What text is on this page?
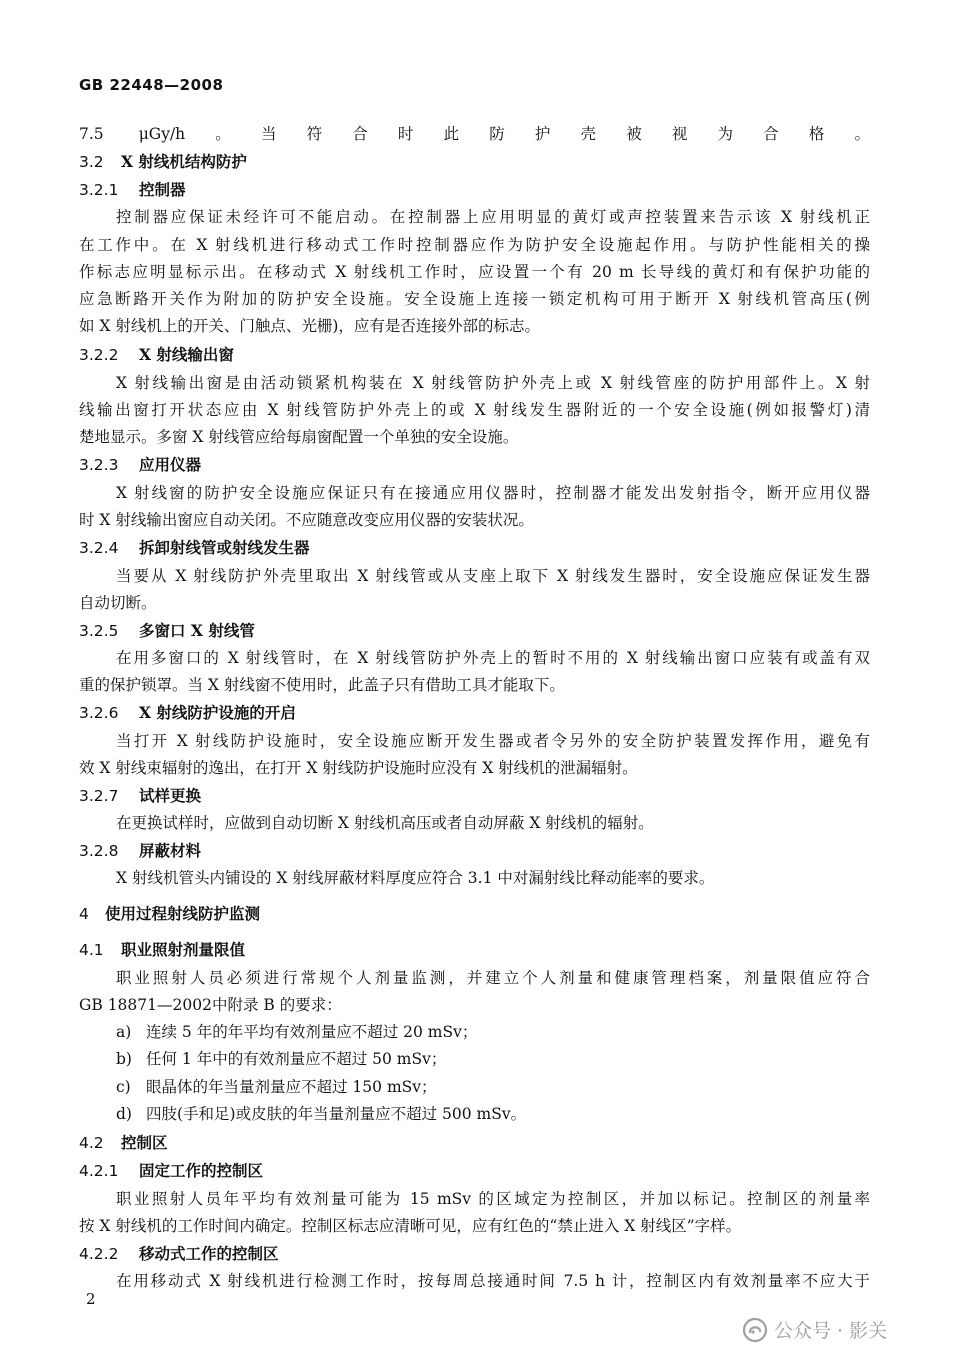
GB 22448—2008
7.5 μGy/h。当符合时此防护壳被视为合格。
3.2 X 射线机结构防护
3.2.1 控制器
控制器应保证未经许可不能启动。在控制器上应用明显的黄灯或声控装置来告示该 X 射线机正
在工作中。在 X 射线机进行移动式工作时控制器应作为防护安全设施起作用。与防护性能相关的操
作标志应明显标示出。在移动式 X 射线机工作时，应设置一个有 20 m 长导线的黄灯和有保护功能的
应急断路开关作为附加的防护安全设施。安全设施上连接一锁定机构可用于断开 X 射线机管高压(例
如 X 射线机上的开关、门触点、光栅)，应有是否连接外部的标志。
3.2.2 X 射线输出窗
X 射线输出窗是由活动锁紧机构装在 X 射线管防护外壳上或 X 射线管座的防护用部件上。X 射
线输出窗打开状态应由 X 射线管防护外壳上的或 X 射线发生器附近的一个安全设施(例如报警灯)清
楚地显示。多窗 X 射线管应给每扇窗配置一个单独的安全设施。
3.2.3 应用仪器
X 射线窗的防护安全设施应保证只有在接通应用仪器时，控制器才能发出发射指令，断开应用仪器
时 X 射线输出窗应自动关闭。不应随意改变应用仪器的安装状况。
3.2.4 拆卸射线管或射线发生器
当要从 X 射线防护外壳里取出 X 射线管或从支座上取下 X 射线发生器时，安全设施应保证发生器
自动切断。
3.2.5 多窗口 X 射线管
在用多窗口的 X 射线管时，在 X 射线管防护外壳上的暂时不用的 X 射线输出窗口应装有或盖有双
重的保护锁罩。当 X 射线窗不使用时，此盖子只有借助工具才能取下。
3.2.6 X 射线防护设施的开启
当打开 X 射线防护设施时，安全设施应断开发生器或者令另外的安全防护装置发挥作用，避免有
效 X 射线束辐射的逸出，在打开 X 射线防护设施时应没有 X 射线机的泄漏辐射。
3.2.7 试样更换
在更换试样时，应做到自动切断 X 射线机高压或者自动屏蔽 X 射线机的辐射。
3.2.8 屏蔽材料
X 射线机管头内铺设的 X 射线屏蔽材料厚度应符合 3.1 中对漏射线比释动能率的要求。
4 使用过程射线防护监测
4.1 职业照射剂量限值
职业照射人员必须进行常规个人剂量监测，并建立个人剂量和健康管理档案，剂量限值应符合
GB 18871—2002中附录 B 的要求：
a) 连续 5 年的年平均有效剂量应不超过 20 mSv；
b) 任何 1 年中的有效剂量应不超过 50 mSv；
c) 眼晶体的年当量剂量应不超过 150 mSv；
d) 四肢(手和足)或皮肤的年当量剂量应不超过 500 mSv。
4.2 控制区
4.2.1 固定工作的控制区
职业照射人员年平均有效剂量可能为 15 mSv 的区域定为控制区，并加以标记。控制区的剂量率
按 X 射线机的工作时间内确定。控制区标志应清晰可见，应有红色的“禁止进入 X 射线区”字样。
4.2.2 移动式工作的控制区
在用移动式 X 射线机进行检测工作时，按每周总接通时间 7.5 h 计，控制区内有效剂量率不应大于
2
公众号 · 影关
